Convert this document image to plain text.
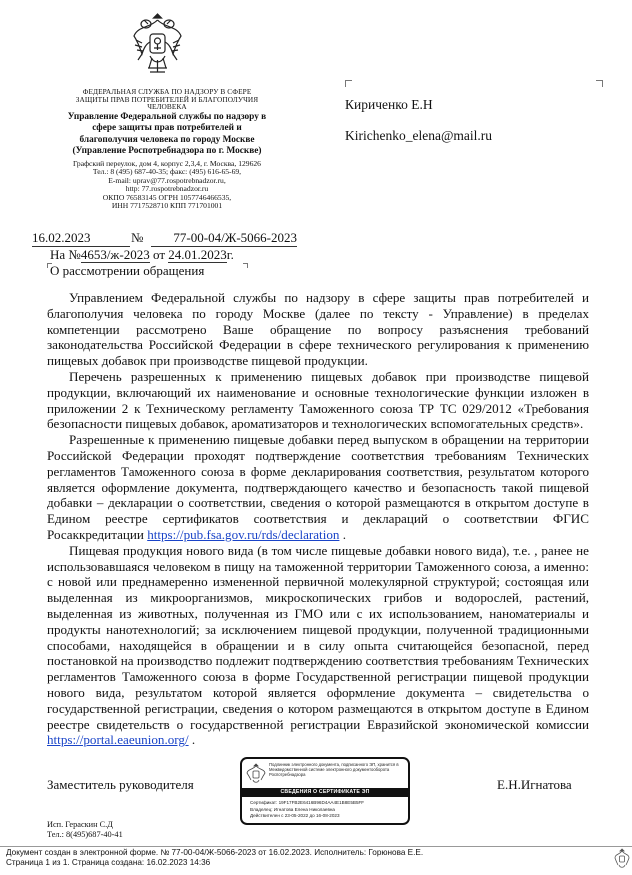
ФЕДЕРАЛЬНАЯ СЛУЖБА ПО НАДЗОРУ В СФЕРЕ
ЗАЩИТЫ ПРАВ ПОТРЕБИТЕЛЕЙ И БЛАГОПОЛУЧИЯ
ЧЕЛОВЕКА
Управление Федеральной службы по надзору в
сфере защиты прав потребителей и
благополучия человека по городу Москве
(Управление Роспотребнадзора по г. Москве)
Графский переулок, дом 4, корпус 2,3,4, г. Москва, 129626
Тел.: 8 (495) 687-40-35; факс: (495) 616-65-69,
E-mail: uprav@77.rospotrebnadzor.ru,
http: 77.rospotrebnadzor.ru
ОКПО 76583145 ОГРН 1057746466535,
ИНН 7717528710 КПП 771701001
Кириченко Е.Н
Kirichenko_elena@mail.ru
16.02.2023	№	77-00-04/Ж-5066-2023
На №4653/ж-2023 от 24.01.2023г.
О рассмотрении обращения

Управлением Федеральной службы по надзору в сфере защиты прав потребителей и благополучия человека по городу Москве (далее по тексту - Управление) в пределах компетенции рассмотрено Ваше обращение по вопросу разъяснения требований законодательства Российской Федерации в сфере технического регулирования к применению пищевых добавок при производстве пищевой продукции.

Перечень разрешенных к применению пищевых добавок при производстве пищевой продукции, включающий их наименование и основные технологические функции изложен в приложении 2 к Техническому регламенту Таможенного союза ТР ТС 029/2012 «Требования безопасности пищевых добавок, ароматизаторов и технологических вспомогательных средств».

Разрешенные к применению пищевые добавки перед выпуском в обращении на территории Российской Федерации проходят подтверждение соответствия требованиям Технических регламентов Таможенного союза в форме декларирования соответствия, результатом которого является оформление документа, подтверждающего качество и безопасность такой пищевой добавки – декларации о соответствии, сведения о которой размещаются в открытом доступе в Едином реестре сертификатов соответствия и деклараций о соответствии ФГИС Росаккредитации https://pub.fsa.gov.ru/rds/declaration .

Пищевая продукция нового вида (в том числе пищевые добавки нового вида), т.е. , ранее не использовавшаяся человеком в пищу на таможенной территории Таможенного союза, а именно: с новой или преднамеренно измененной первичной молекулярной структурой; состоящая или выделенная из микроорганизмов, микроскопических грибов и водорослей, растений, выделенная из животных, полученная из ГМО или с их использованием, наноматериалы и продукты нанотехнологий; за исключением пищевой продукции, полученной традиционными способами, находящейся в обращении и в силу опыта считающейся безопасной, перед постановкой на производство подлежит подтверждению соответствия требованиям Технических регламентов Таможенного союза в форме Государственной регистрации пищевой продукции нового вида, результатом которой является оформление документа – свидетельства о государственной регистрации, сведения о котором размещаются в открытом доступе в Едином реестре свидетельств о государственной регистрации Евразийской экономической комиссии https://portal.eaeunion.org/ .

Заместитель руководителя	Е.Н.Игнатова
Подлинник электронного документа, подписанного ЭП, хранится в Межведомственной системе электронного документооборота Роспотребнадзора
СВЕДЕНИЯ О СЕРТИФИКАТЕ ЭП
Сертификат: 19F17FB2E6416B96D4AA4E1B8E5B5FF
Владелец: Игнатова Елена Николаевна
Действителен с 23-05-2022 до 16-08-2023
Исп. Гераскин С.Д
Тел.: 8(495)687-40-41
Документ создан в электронной форме. № 77-00-04/Ж-5066-2023 от 16.02.2023. Исполнитель: Горюнова Е.Е.
Страница 1 из 1. Страница создана: 16.02.2023 14:36
